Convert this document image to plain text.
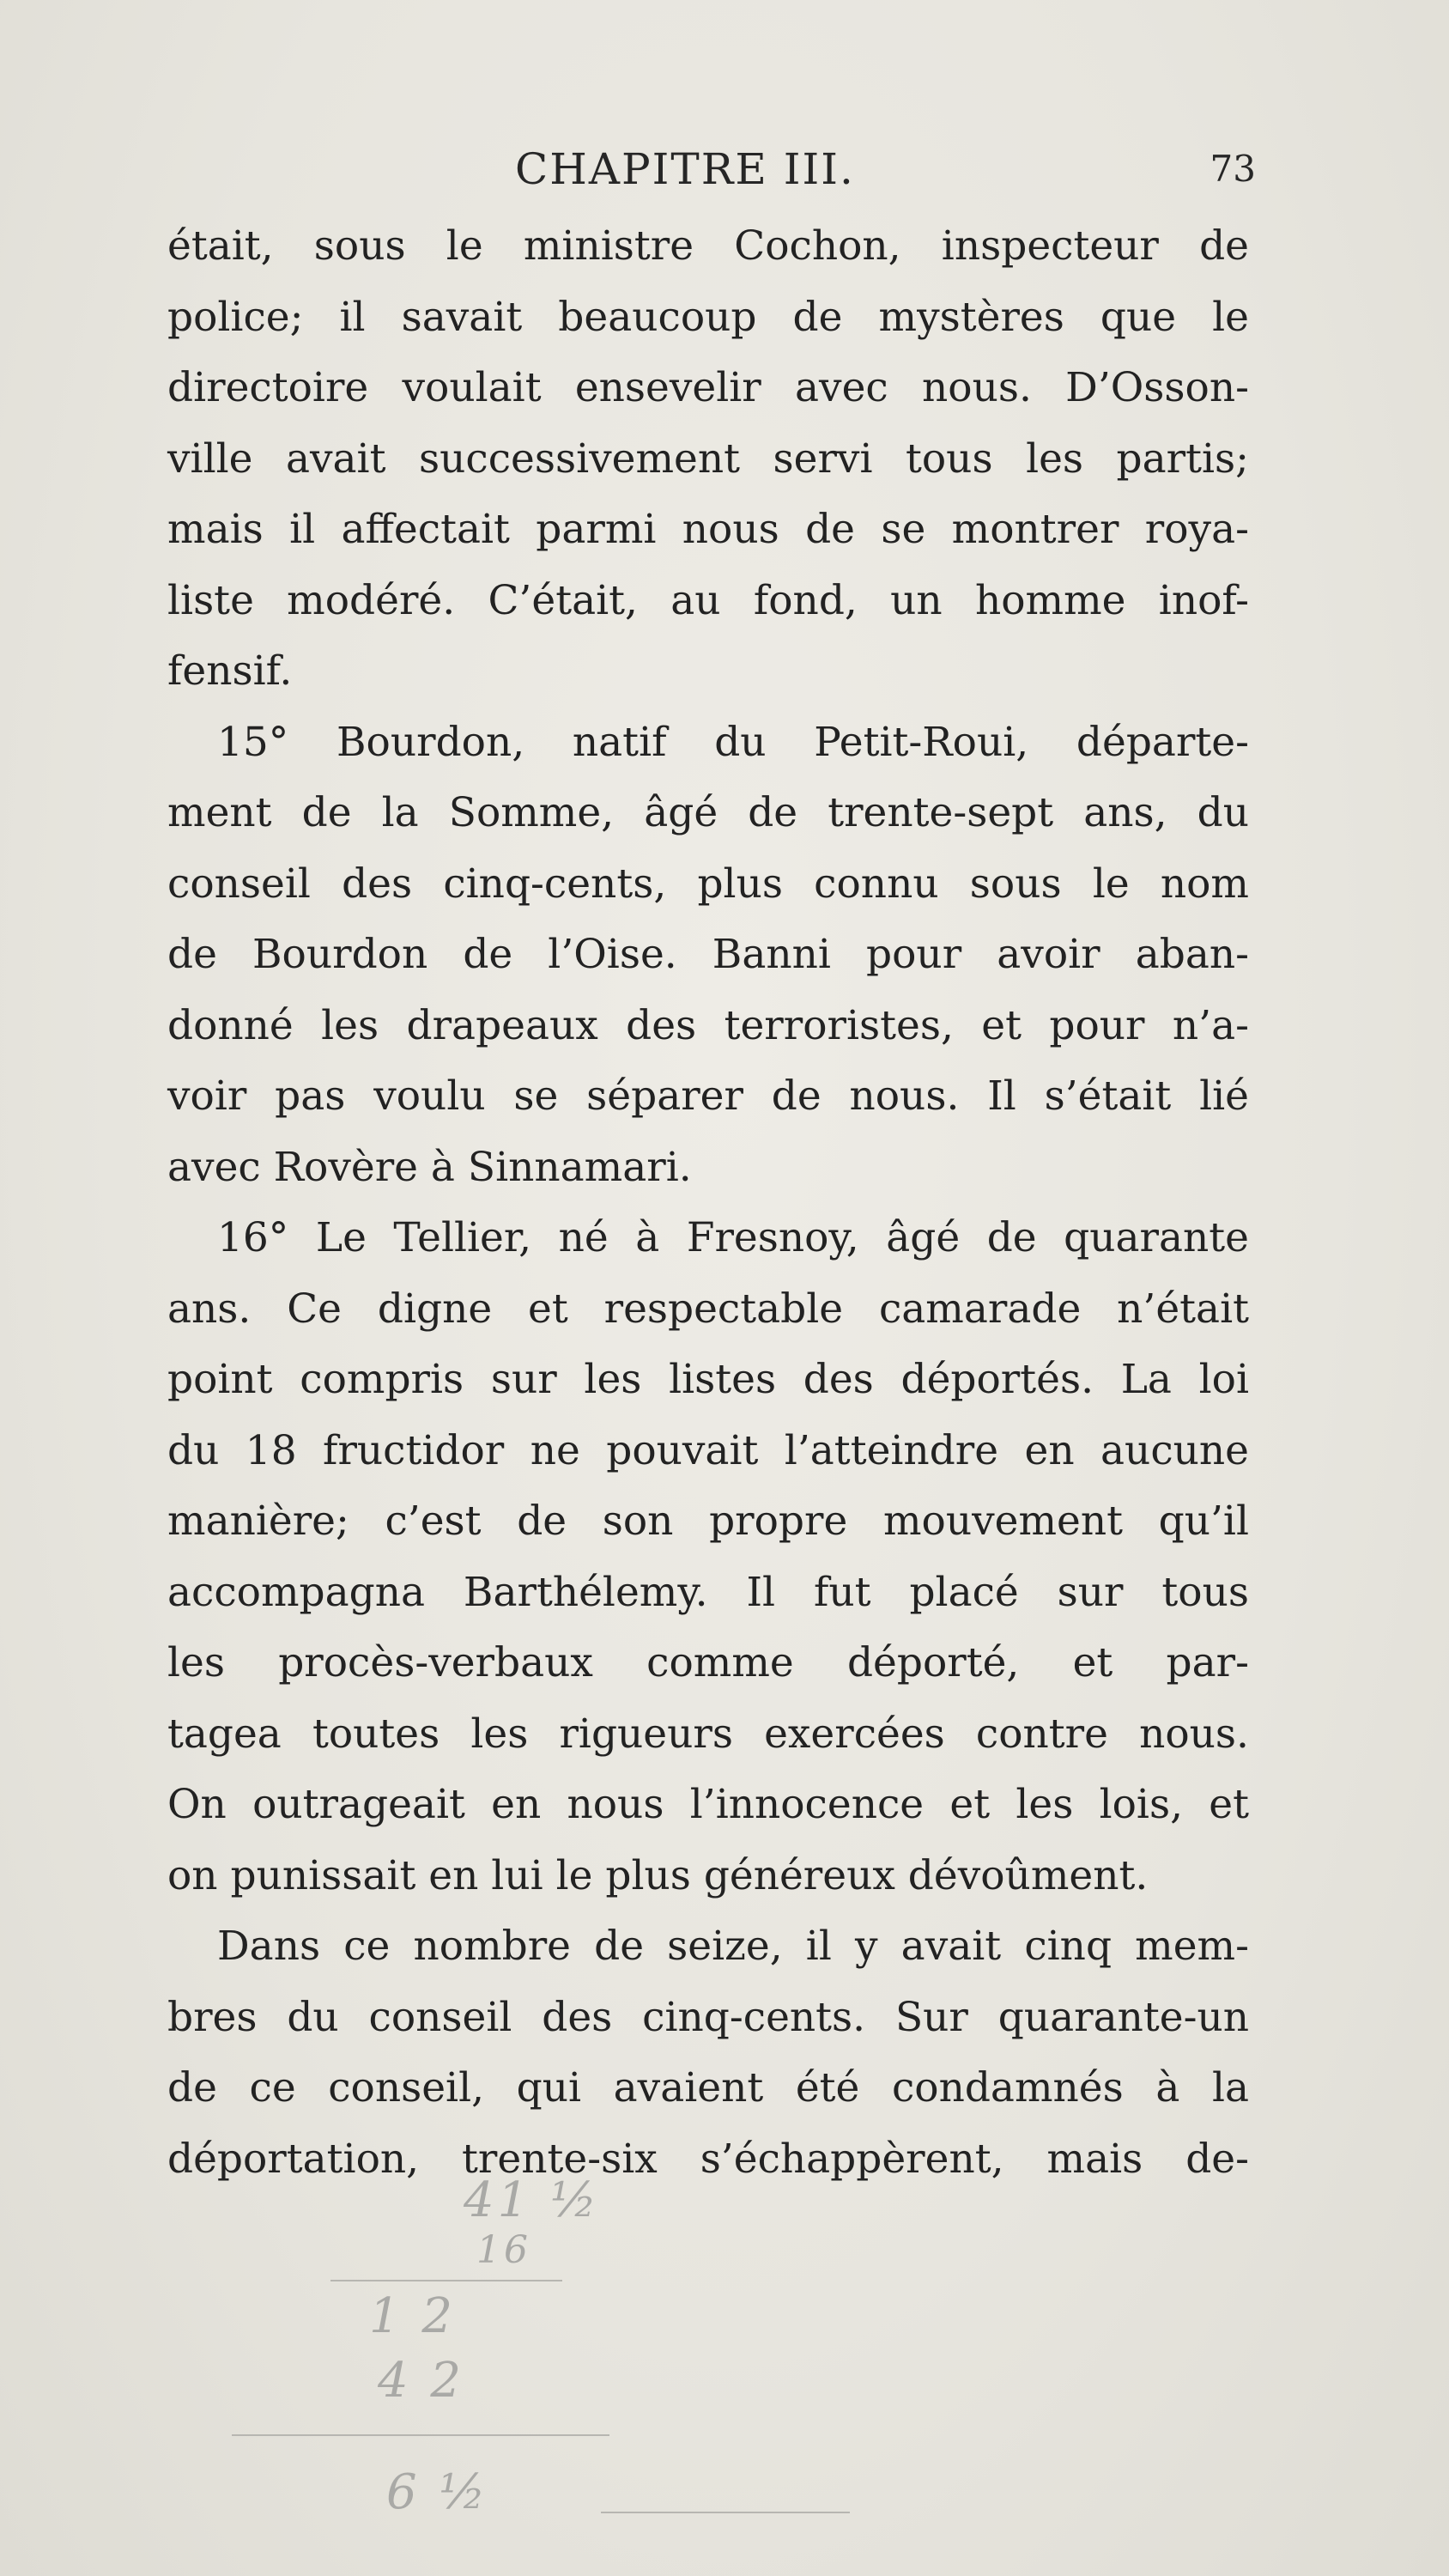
CHAPITRE III.	73
était, sous le ministre Cochon, inspecteur de
police; il savait beaucoup de mystères que le
directoire voulait ensevelir avec nous. D’Osson-
ville avait successivement servi tous les partis;
mais il affectait parmi nous de se montrer roya-
liste modéré. C’était, au fond, un homme inof-
fensif.
15° Bourdon, natif du Petit-Roui, départe-
ment de la Somme, âgé de trente-sept ans, du
conseil des cinq-cents, plus connu sous le nom
de Bourdon de l’Oise. Banni pour avoir aban-
donné les drapeaux des terroristes, et pour n’a-
voir pas voulu se séparer de nous. Il s’était lié
avec Rovère à Sinnamari.
16° Le Tellier, né à Fresnoy, âgé de quarante
ans. Ce digne et respectable camarade n’était
point compris sur les listes des déportés. La loi
du 18 fructidor ne pouvait l’atteindre en aucune
manière; c’est de son propre mouvement qu’il
accompagna Barthélemy. Il fut placé sur tous
les procès-verbaux comme déporté, et par-
tagea toutes les rigueurs exercées contre nous.
On outrageait en nous l’innocence et les lois, et
on punissait en lui le plus généreux dévoûment.
Dans ce nombre de seize, il y avait cinq mem-
bres du conseil des cinq-cents. Sur quarante-un
de ce conseil, qui avaient été condamnés à la
déportation, trente-six s’échappèrent, mais de-
41 ½
16
1 2
4 2
6 ½
